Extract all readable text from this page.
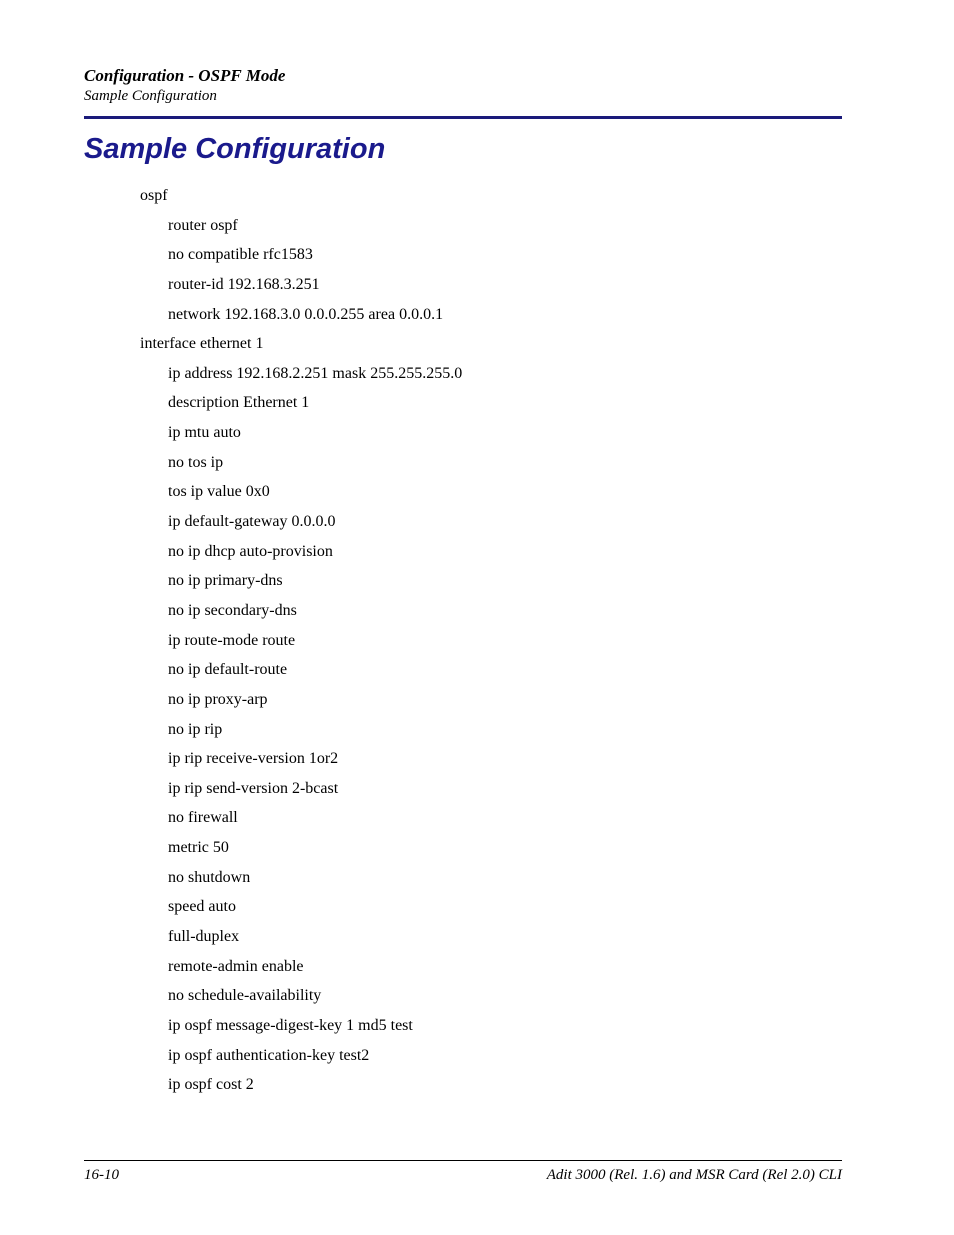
Configuration - OSPF Mode
Sample Configuration
Sample Configuration
ospf
router ospf
no compatible rfc1583
router-id 192.168.3.251
network 192.168.3.0 0.0.0.255 area 0.0.0.1
interface ethernet 1
ip address 192.168.2.251 mask 255.255.255.0
description Ethernet 1
ip mtu auto
no tos ip
tos ip value 0x0
ip default-gateway 0.0.0.0
no ip dhcp auto-provision
no ip primary-dns
no ip secondary-dns
ip route-mode route
no ip default-route
no ip proxy-arp
no ip rip
ip rip receive-version 1or2
ip rip send-version 2-bcast
no firewall
metric 50
no shutdown
speed auto
full-duplex
remote-admin enable
no schedule-availability
ip ospf message-digest-key 1 md5 test
ip ospf authentication-key test2
ip ospf cost 2
16-10	Adit 3000 (Rel. 1.6) and MSR Card (Rel 2.0) CLI
